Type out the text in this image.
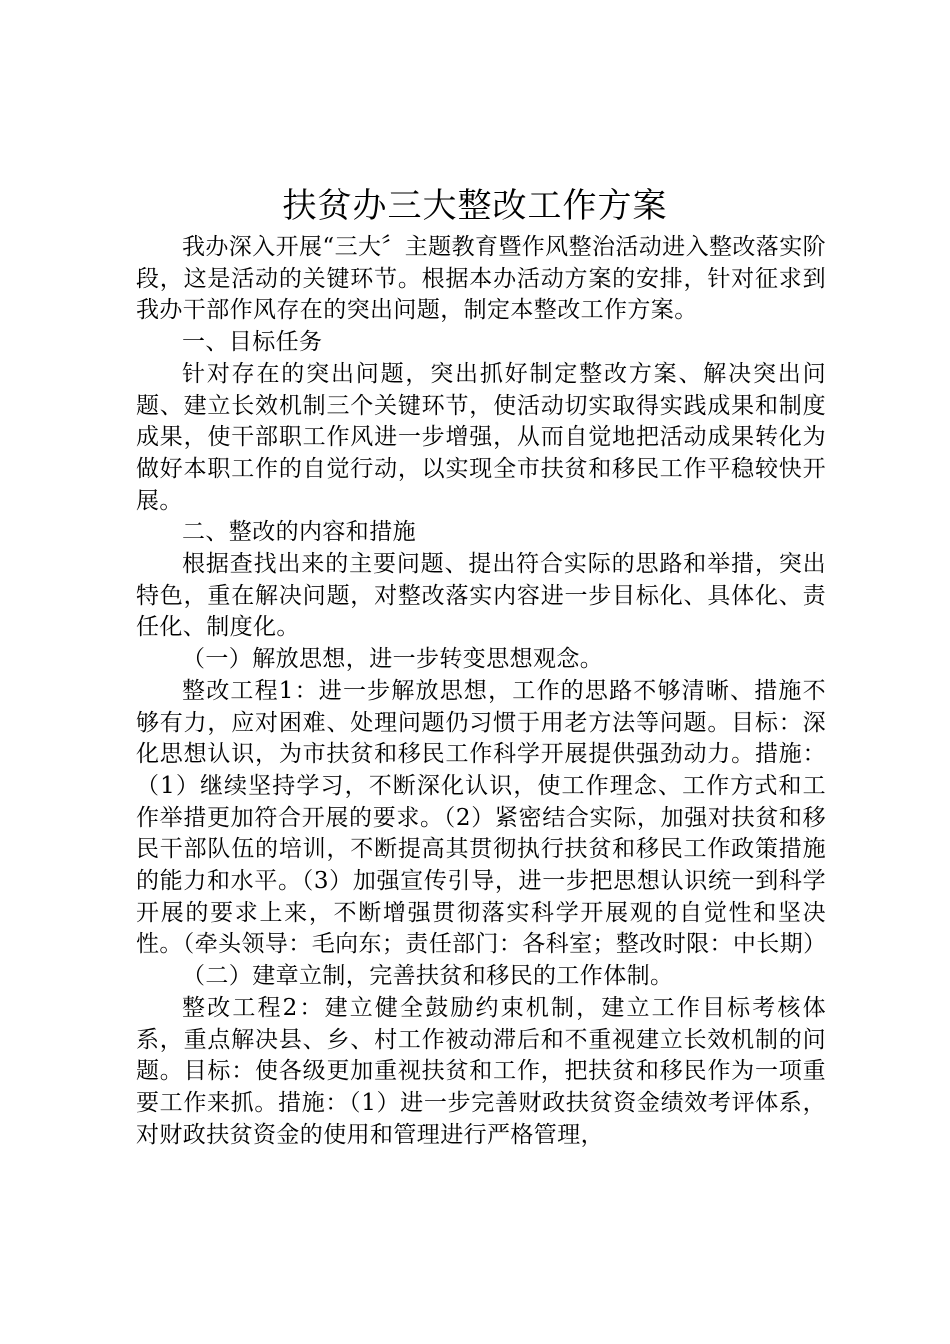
扶贫办三大整改工作方案

我办深入开展“三大〞主题教育暨作风整治活动进入整改落实阶段，这是活动的关键环节。根据本办活动方案的安排，针对征求到我办干部作风存在的突出问题，制定本整改工作方案。

一、目标任务

针对存在的突出问题，突出抓好制定整改方案、解决突出问题、建立长效机制三个关键环节，使活动切实取得实践成果和制度成果，使干部职工作风进一步增强，从而自觉地把活动成果转化为做好本职工作的自觉行动，以实现全市扶贫和移民工作平稳较快开展。

二、整改的内容和措施

根据查找出来的主要问题、提出符合实际的思路和举措，突出特色，重在解决问题，对整改落实内容进一步目标化、具体化、责任化、制度化。

（一）解放思想，进一步转变思想观念。

整改工程1：进一步解放思想，工作的思路不够清晰、措施不够有力，应对困难、处理问题仍习惯于用老方法等问题。目标：深化思想认识，为市扶贫和移民工作科学开展提供强劲动力。措施：（1）继续坚持学习，不断深化认识，使工作理念、工作方式和工作举措更加符合开展的要求。（2）紧密结合实际，加强对扶贫和移民干部队伍的培训，不断提高其贯彻执行扶贫和移民工作政策措施的能力和水平。（3）加强宣传引导，进一步把思想认识统一到科学开展的要求上来，不断增强贯彻落实科学开展观的自觉性和坚决性。（牵头领导：毛向东；责任部门：各科室；整改时限：中长期）

（二）建章立制，完善扶贫和移民的工作体制。

整改工程2：建立健全鼓励约束机制，建立工作目标考核体系，重点解决县、乡、村工作被动滞后和不重视建立长效机制的问题。目标：使各级更加重视扶贫和工作，把扶贫和移民作为一项重要工作来抓。措施：（1）进一步完善财政扶贫资金绩效考评体系，对财政扶贫资金的使用和管理进行严格管理，
